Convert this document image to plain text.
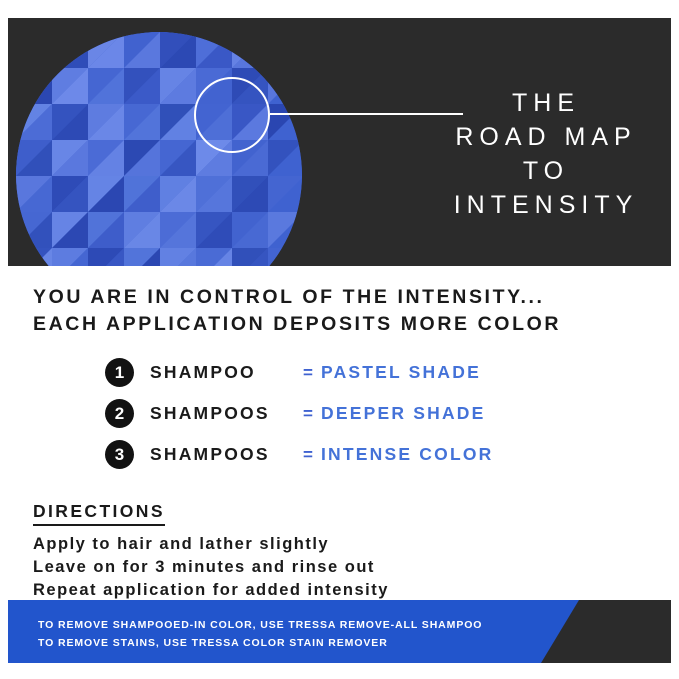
THE
ROAD MAP
TO
INTENSITY
YOU ARE IN CONTROL OF THE INTENSITY...
EACH APPLICATION DEPOSITS MORE COLOR
1	SHAMPOO	= PASTEL SHADE
2	SHAMPOOS	= DEEPER SHADE
3	SHAMPOOS	= INTENSE COLOR
DIRECTIONS
Apply to hair and lather slightly
Leave on for 3 minutes and rinse out
Repeat application for added intensity
TO REMOVE SHAMPOOED-IN COLOR, USE TRESSA REMOVE-ALL SHAMPOO
TO REMOVE STAINS, USE TRESSA COLOR STAIN REMOVER
